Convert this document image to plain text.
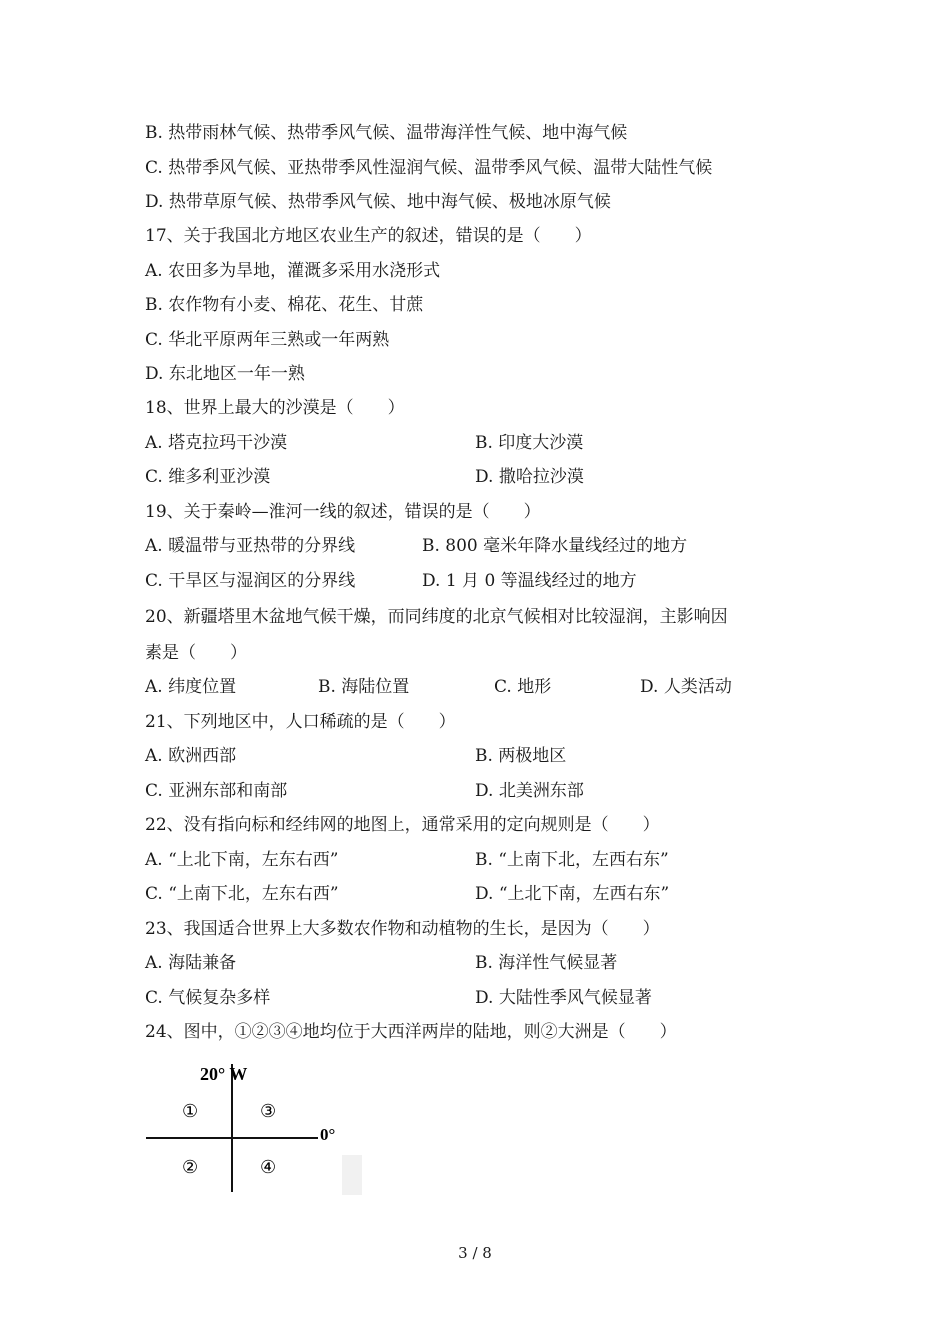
B. 热带雨林气候、热带季风气候、温带海洋性气候、地中海气候
C. 热带季风气候、亚热带季风性湿润气候、温带季风气候、温带大陆性气候
D. 热带草原气候、热带季风气候、地中海气候、极地冰原气候
17、关于我国北方地区农业生产的叙述，错误的是（　　）
A. 农田多为旱地，灌溉多采用水浇形式
B. 农作物有小麦、棉花、花生、甘蔗
C. 华北平原两年三熟或一年两熟
D. 东北地区一年一熟
18、世界上最大的沙漠是（　　）
A. 塔克拉玛干沙漠	B. 印度大沙漠
C. 维多利亚沙漠	D. 撒哈拉沙漠
19、关于秦岭—淮河一线的叙述，错误的是（　　）
A. 暖温带与亚热带的分界线	B. 800 毫米年降水量线经过的地方
C. 干旱区与湿润区的分界线	D. 1 月 0 等温线经过的地方
20、新疆塔里木盆地气候干燥，而同纬度的北京气候相对比较湿润，主影响因
素是（　　）
A. 纬度位置	B. 海陆位置	C. 地形	D. 人类活动
21、下列地区中，人口稀疏的是（　　）
A. 欧洲西部	B. 两极地区
C. 亚洲东部和南部	D. 北美洲东部
22、没有指向标和经纬网的地图上，通常采用的定向规则是（　　）
A. “上北下南，左东右西”	B. “上南下北，左西右东”
C. “上南下北，左东右西”	D. “上北下南，左西右东”
23、我国适合世界上大多数农作物和动植物的生长，是因为（　　）
A. 海陆兼备	B. 海洋性气候显著
C. 气候复杂多样	D. 大陆性季风气候显著
24、图中，①②③④地均位于大西洋两岸的陆地，则②大洲是（　　）
20° W
0°
①	③
②	④
3 / 8
